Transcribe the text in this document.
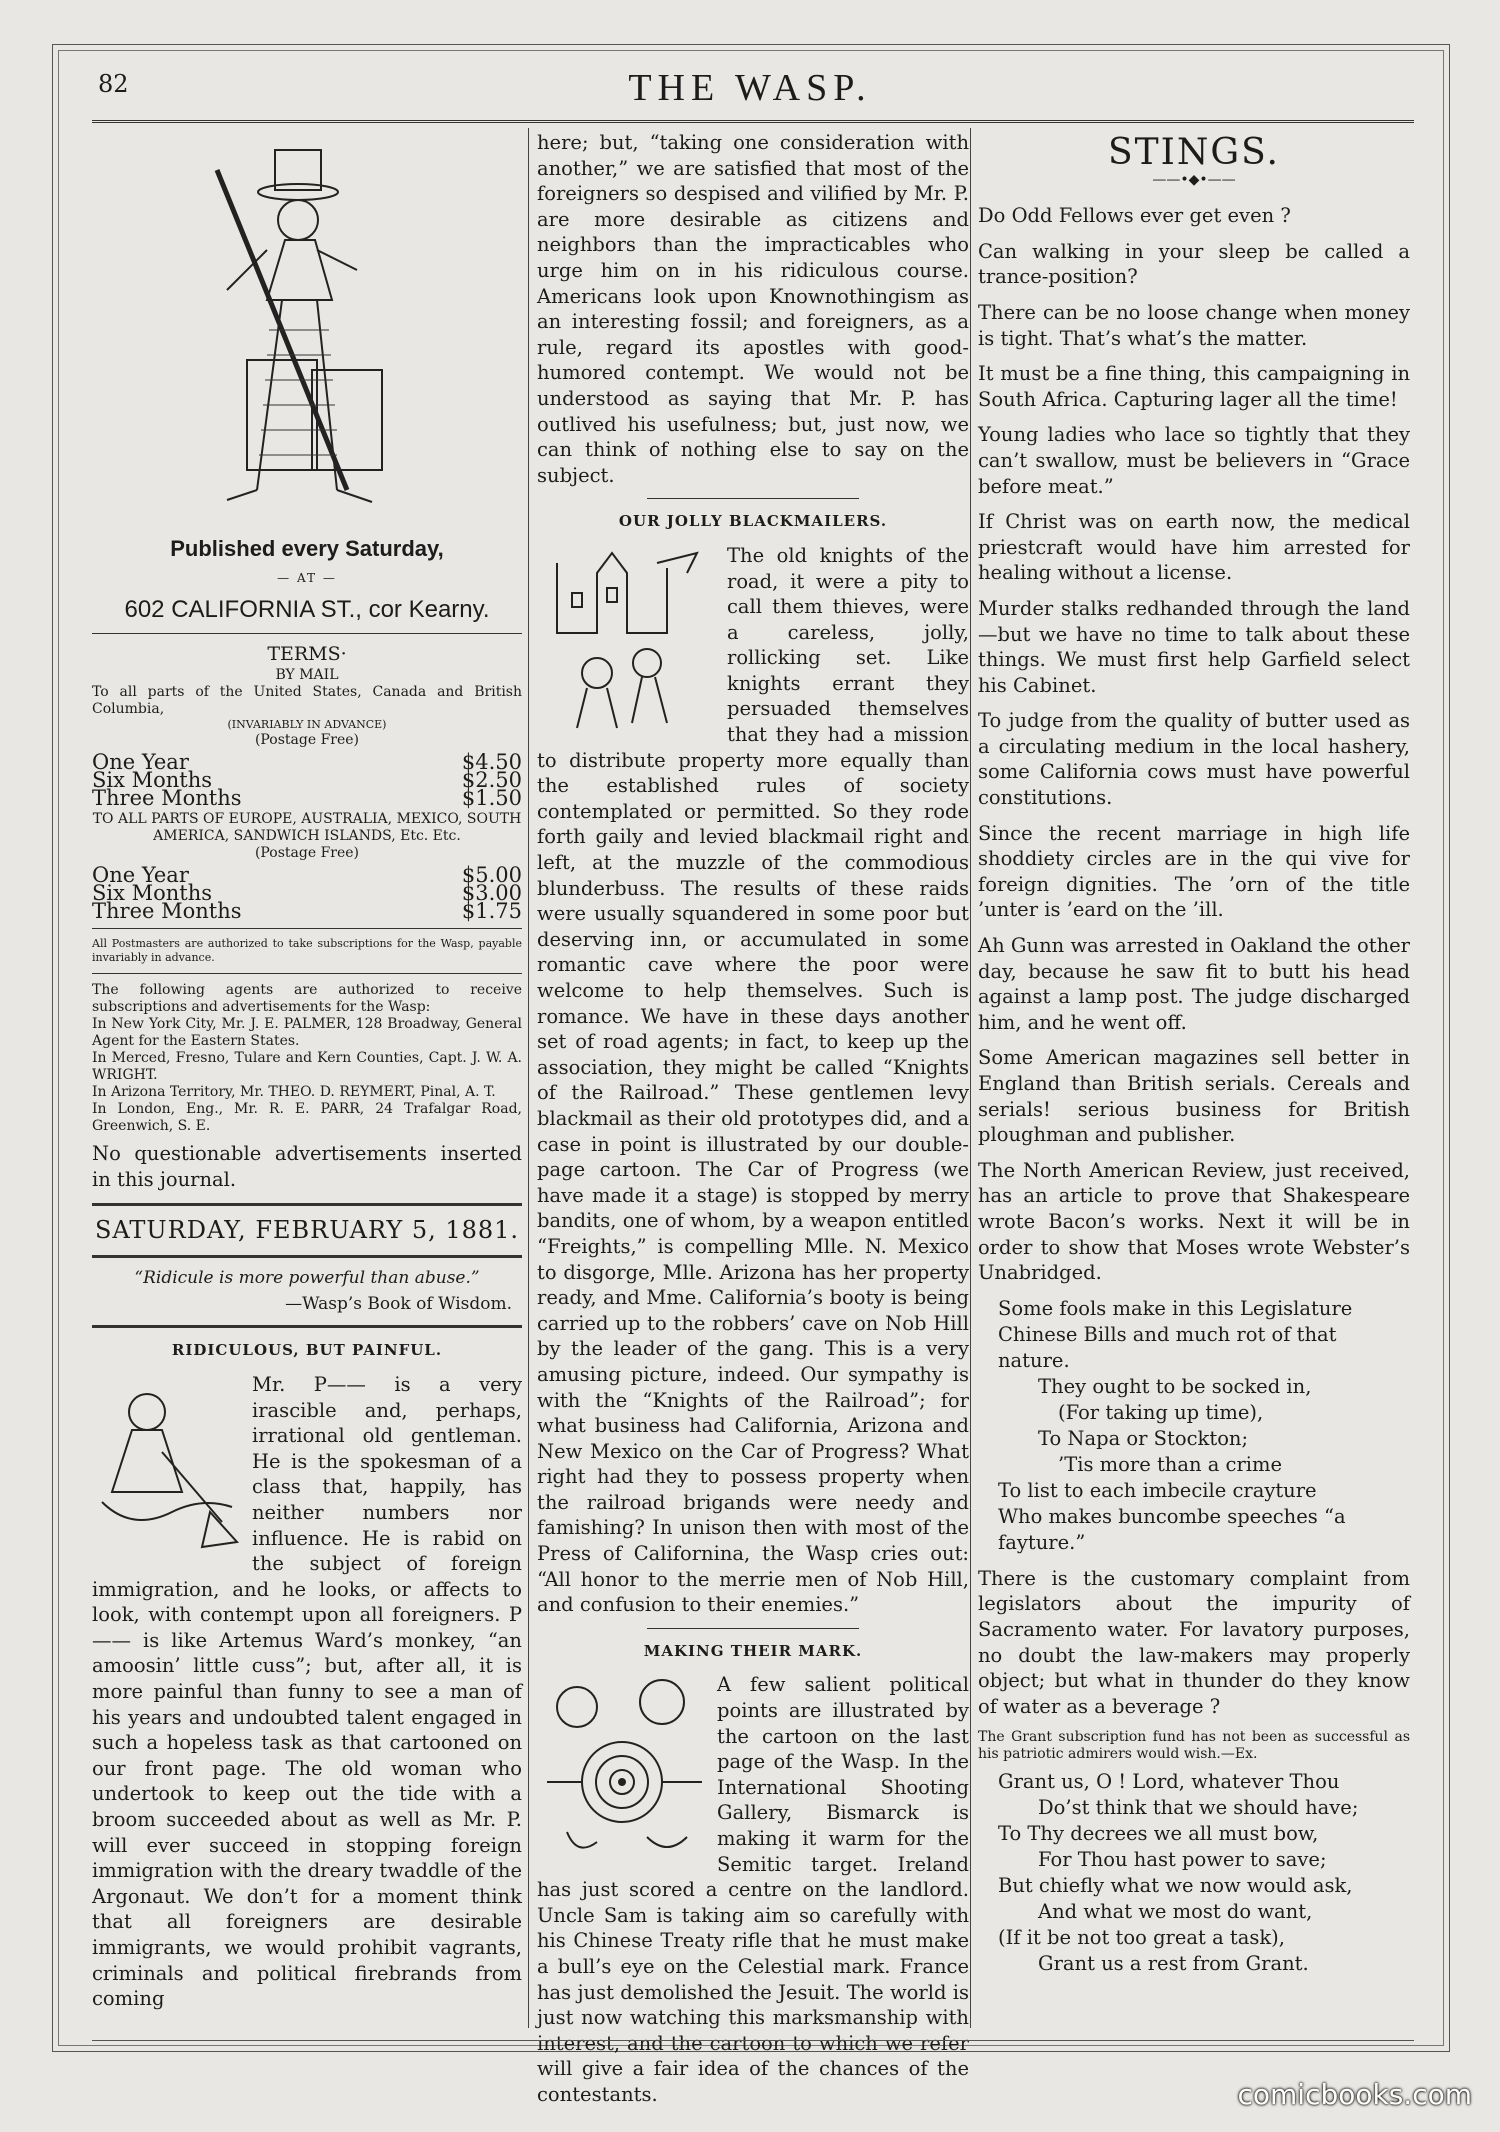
82	THE WASP.
Published every Saturday,
— AT —
602 CALIFORNIA ST., cor Kearny.
TERMS·
BY MAIL
To all parts of the United States, Canada and British Columbia,
(INVARIABLY IN ADVANCE)
(Postage Free)
One Year	$4.50
Six Months	$2.50
Three Months	$1.50
TO ALL PARTS OF EUROPE, AUSTRALIA, MEXICO, SOUTH AMERICA, SANDWICH ISLANDS, Etc. Etc.
(Postage Free)
One Year	$5.00
Six Months	$3.00
Three Months	$1.75
All Postmasters are authorized to take subscriptions for the Wasp, payable invariably in advance.
The following agents are authorized to receive subscriptions and advertisements for the Wasp:
In New York City, Mr. J. E. PALMER, 128 Broadway, General Agent for the Eastern States.
In Merced, Fresno, Tulare and Kern Counties, Capt. J. W. A. WRIGHT.
In Arizona Territory, Mr. THEO. D. REYMERT, Pinal, A. T.
In London, Eng., Mr. R. E. PARR, 24 Trafalgar Road, Greenwich, S. E.

No questionable advertisements inserted in this journal.

SATURDAY, FEBRUARY 5, 1881.
“Ridicule is more powerful than abuse.”
—Wasp’s Book of Wisdom.
RIDICULOUS, BUT PAINFUL.

Mr. P—— is a very irascible and, perhaps, irrational old gentleman. He is the spokesman of a class that, happily, has neither numbers nor influence. He is rabid on the subject of foreign immigration, and he looks, or affects to look, with contempt upon all foreigners. P—— is like Artemus Ward’s monkey, “an amoosin’ little cuss”; but, after all, it is more painful than funny to see a man of his years and undoubted talent engaged in such a hopeless task as that cartooned on our front page. The old woman who undertook to keep out the tide with a broom succeeded about as well as Mr. P. will ever succeed in stopping foreign immigration with the dreary twaddle of the Argonaut. We don’t for a moment think that all foreigners are desirable immigrants, we would prohibit vagrants, criminals and political firebrands from coming

here; but, “taking one consideration with another,” we are satisfied that most of the foreigners so despised and vilified by Mr. P. are more desirable as citizens and neighbors than the impracticables who urge him on in his ridiculous course. Americans look upon Knownothingism as an interesting fossil; and foreigners, as a rule, regard its apostles with good-humored contempt. We would not be understood as saying that Mr. P. has outlived his usefulness; but, just now, we can think of nothing else to say on the subject.

OUR JOLLY BLACKMAILERS.

The old knights of the road, it were a pity to call them thieves, were a careless, jolly, rollicking set. Like knights errant they persuaded themselves that they had a mission to distribute property more equally than the established rules of society contemplated or permitted. So they rode forth gaily and levied blackmail right and left, at the muzzle of the commodious blunderbuss. The results of these raids were usually squandered in some poor but deserving inn, or accumulated in some romantic cave where the poor were welcome to help themselves. Such is romance. We have in these days another set of road agents; in fact, to keep up the association, they might be called “Knights of the Railroad.” These gentlemen levy blackmail as their old prototypes did, and a case in point is illustrated by our double-page cartoon. The Car of Progress (we have made it a stage) is stopped by merry bandits, one of whom, by a weapon entitled “Freights,” is compelling Mlle. N. Mexico to disgorge, Mlle. Arizona has her property ready, and Mme. California’s booty is being carried up to the robbers’ cave on Nob Hill by the leader of the gang. This is a very amusing picture, indeed. Our sympathy is with the “Knights of the Railroad”; for what business had California, Arizona and New Mexico on the Car of Progress? What right had they to possess property when the railroad brigands were needy and famishing? In unison then with most of the Press of Californina, the Wasp cries out: “All honor to the merrie men of Nob Hill, and confusion to their enemies.”

MAKING THEIR MARK.

A few salient political points are illustrated by the cartoon on the last page of the Wasp. In the International Shooting Gallery, Bismarck is making it warm for the Semitic target. Ireland has just scored a centre on the landlord. Uncle Sam is taking aim so carefully with his Chinese Treaty rifle that he must make a bull’s eye on the Celestial mark. France has just demolished the Jesuit. The world is just now watching this marksmanship with interest, and the cartoon to which we refer will give a fair idea of the chances of the contestants.

STINGS.
——•◆•——

Do Odd Fellows ever get even ?

Can walking in your sleep be called a trance-position?

There can be no loose change when money is tight. That’s what’s the matter.

It must be a fine thing, this campaigning in South Africa. Capturing lager all the time!

Young ladies who lace so tightly that they can’t swallow, must be believers in “Grace before meat.”

If Christ was on earth now, the medical priestcraft would have him arrested for healing without a license.

Murder stalks redhanded through the land —but we have no time to talk about these things. We must first help Garfield select his Cabinet.

To judge from the quality of butter used as a circulating medium in the local hashery, some California cows must have powerful constitutions.

Since the recent marriage in high life shoddiety circles are in the qui vive for foreign dignities. The ’orn of the title ’unter is ’eard on the ’ill.

Ah Gunn was arrested in Oakland the other day, because he saw fit to butt his head against a lamp post. The judge discharged him, and he went off.

Some American magazines sell better in England than British serials. Cereals and serials! serious business for British ploughman and publisher.

The North American Review, just received, has an article to prove that Shakespeare wrote Bacon’s works. Next it will be in order to show that Moses wrote Webster’s Unabridged.

Some fools make in this Legislature
Chinese Bills and much rot of that nature.
They ought to be socked in,
(For taking up time),
To Napa or Stockton;
’Tis more than a crime
To list to each imbecile crayture
Who makes buncombe speeches “a fayture.”

There is the customary complaint from legislators about the impurity of Sacramento water. For lavatory purposes, no doubt the law-makers may properly object; but what in thunder do they know of water as a beverage ?

The Grant subscription fund has not been as successful as his patriotic admirers would wish.—Ex.
Grant us, O ! Lord, whatever Thou
Do’st think that we should have;
To Thy decrees we all must bow,
For Thou hast power to save;
But chiefly what we now would ask,
And what we most do want,
(If it be not too great a task),
Grant us a rest from Grant.
comicbooks.com
